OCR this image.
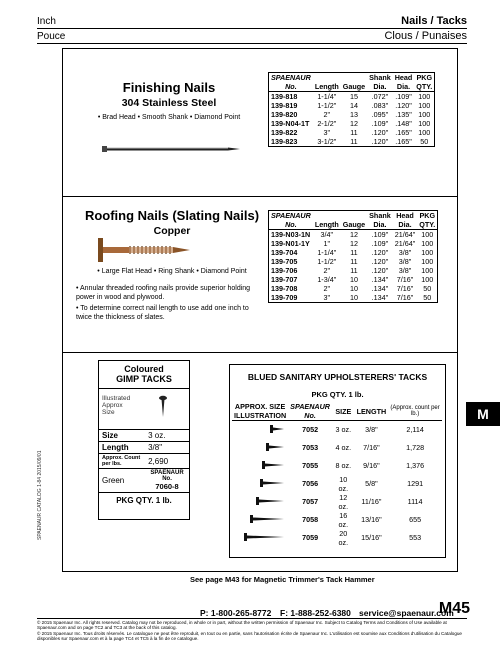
Inch	Nails / Tacks
Pouce	Clous / Punaises
Finishing Nails
304 Stainless Steel
• Brad Head • Smooth Shank • Diamond Point
SPAENAUR
No.	Length	Gauge	Shank
Dia.	Head
Dia.	PKG
QTY.
139-818	1-1/4"	15	.072"	.109"	100
139-819	1-1/2"	14	.083"	.120"	100
139-820	2"	13	.095"	.135"	100
139-N04-1T	2-1/2"	12	.109"	.148"	100
139-822	3"	11	.120"	.165"	100
139-823	3-1/2"	11	.120"	.165"	50
Roofing Nails (Slating Nails)
Copper
• Large Flat Head • Ring Shank • Diamond Point
• Annular threaded roofing nails provide superior holding power in wood and plywood.
• To determine correct nail length to use add one inch to twice the thickness of slates.
SPAENAUR
No.	Length	Gauge	Shank
Dia.	Head
Dia.	PKG
QTY.
139-N03-1N	3/4"	12	.109"	21/64"	100
139-N01-1Y	1"	12	.109"	21/64"	100
139-704	1-1/4"	11	.120"	3/8"	100
139-705	1-1/2"	11	.120"	3/8"	100
139-706	2"	11	.120"	3/8"	100
139-707	1-3/4"	10	.134"	7/16"	100
139-708	2"	10	.134"	7/16"	50
139-709	3"	10	.134"	7/16"	50
Coloured
GIMP TACKS
Illustrated Approx Size
Size	3 oz.
Length	3/8"
Approx. Count per lbs.	2,690
Green	SPAENAUR No.
7060-8
PKG QTY. 1 lb.
BLUED SANITARY UPHOLSTERERS' TACKS
PKG QTY. 1 lb.
APPROX. SIZE ILLUSTRATION	SPAENAUR No.	SIZE	LENGTH	(Approx. count per lb.)
	7052	3 oz.	3/8"	2,114
	7053	4 oz.	7/16"	1,728
	7055	8 oz.	9/16"	1,376
	7056	10 oz.	5/8"	1291
	7057	12 oz.	11/16"	1114
	7058	16 oz.	13/16"	655
	7059	20 oz.	15/16"	553
See page M43 for Magnetic Trimmer's Tack Hammer
M
SPAENAUR CATALOG 1-84 2015/09/01
P: 1-800-265-8772 F: 1-888-252-6380 service@spaenaur.com
M45
© 2015 Spaenaur Inc. All rights reserved. Catalog may not be reproduced, in whole or in part, without the written permission of Spaenaur Inc. Subject to Catalog Terms and Conditions of Use available at Spaenaur.com and on page TC2 and TC3 at the back of this catalog.
© 2015 Spaenaur Inc. Tous droits réservés. Le catalogue ne peut être reproduit, en tout ou en partie, sans l'autorisation écrite de Spaenaur Inc. L'utilisation est soumise aux Conditions d'utilisation du Catalogue disponibles sur Spaenaur.com et à la page TC4 et TC5 à la fin de ce catalogue.
